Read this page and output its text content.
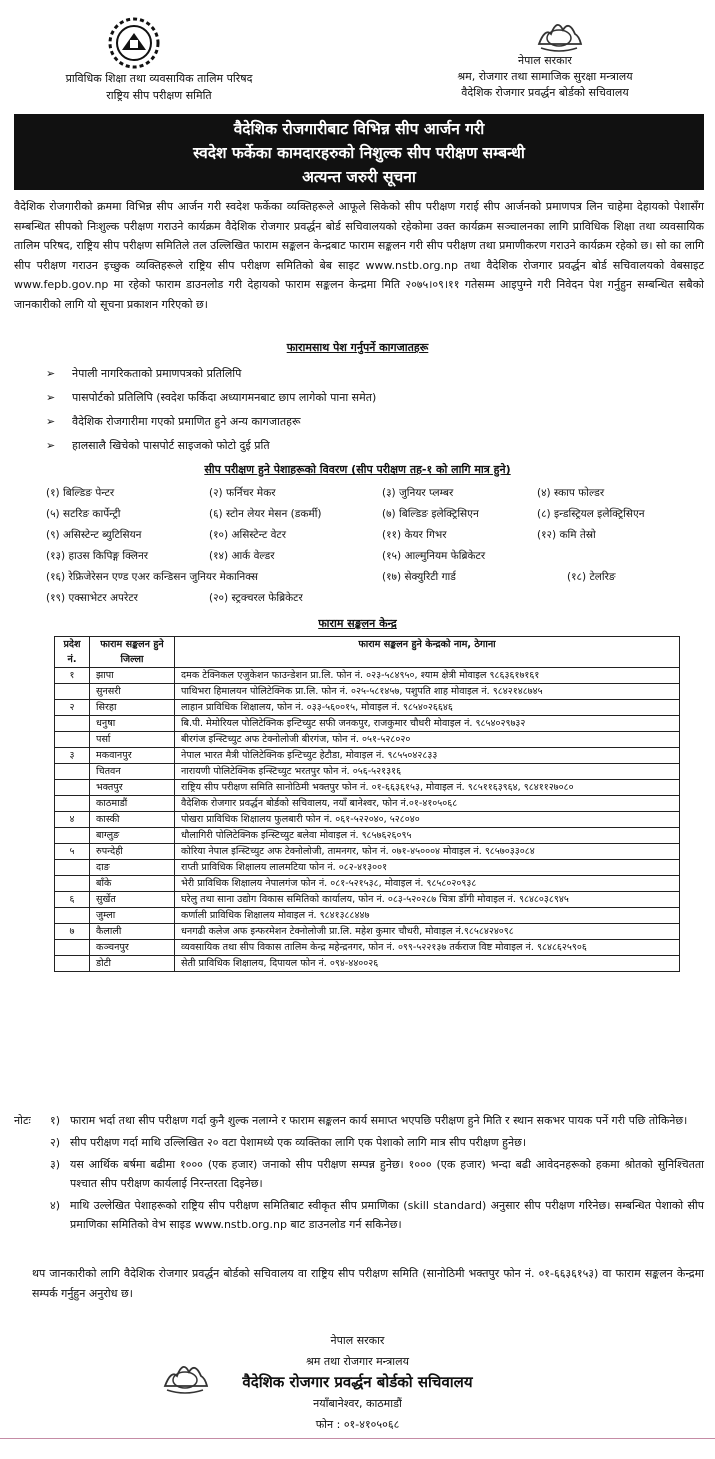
प्राविधिक शिक्षा तथा व्यवसायिक तालिम परिषद
राष्ट्रिय सीप परीक्षण समिति
नेपाल सरकार
श्रम, रोजगार तथा सामाजिक सुरक्षा मन्त्रालय
वैदेशिक रोजगार प्रवर्द्धन बोर्डको सचिवालय
वैदेशिक रोजगारीबाट विभिन्न सीप आर्जन गरी
स्वदेश फर्केका कामदारहरुको निशुल्क सीप परीक्षण सम्बन्धी
अत्यन्त जरुरी सूचना
वैदेशिक रोजगारीको क्रममा विभिन्न सीप आर्जन गरी स्वदेश फर्केका व्यक्तिहरूले आफूले सिकेको सीप परीक्षण गराई सीप आर्जनको प्रमाणपत्र लिन चाहेमा देहायको पेशासँग सम्बन्धित सीपको निःशुल्क परीक्षण गराउने कार्यक्रम वैदेशिक रोजगार प्रवर्द्धन बोर्ड सचिवालयको रहेकोमा उक्त कार्यक्रम सञ्चालनका लागि प्राविधिक शिक्षा तथा व्यवसायिक तालिम परिषद, राष्ट्रिय सीप परीक्षण समितिले तल उल्लिखित फाराम सङ्कलन केन्द्रबाट फाराम सङ्कलन गरी सीप परीक्षण तथा प्रमाणीकरण गराउने कार्यक्रम रहेको छ। सो का लागि सीप परीक्षण गराउन इच्छुक व्यक्तिहरूले राष्ट्रिय सीप परीक्षण समितिको बेब साइट www.nstb.org.np तथा वैदेशिक रोजगार प्रवर्द्धन बोर्ड सचिवालयको वेबसाइट www.fepb.gov.np मा रहेको फाराम डाउनलोड गरी देहायको फाराम सङ्कलन केन्द्रमा मिति २०७५।०९।११ गतेसम्म आइपुग्ने गरी निवेदन पेश गर्नुहुन सम्बन्धित सबैको जानकारीको लागि यो सूचना प्रकाशन गरिएको छ।
फारामसाथ पेश गर्नुपर्ने कागजातहरू
➢ नेपाली नागरिकताको प्रमाणपत्रको प्रतिलिपि
➢ पासपोर्टको प्रतिलिपि (स्वदेश फर्किदा अध्यागमनबाट छाप लागेको पाना समेत)
➢ वैदेशिक रोजगारीमा गएको प्रमाणित हुने अन्य कागजातहरू
➢ हालसालै खिचेको पासपोर्ट साइजको फोटो दुई प्रति
सीप परीक्षण हुने पेशाहरूको विवरण (सीप परीक्षण तह-१ को लागि मात्र हुने)
(१) बिल्डिङ पेन्टर	(२) फर्निचर मेकर	(३) जुनियर प्लम्बर	(४) स्काप फोल्डर
(५) सटरिङ कार्पेन्ट्री	(६) स्टोन लेयर मेसन (डकर्मी)	(७) बिल्डिङ इलेक्ट्रिसिएन	(८) इन्डस्ट्रियल इलेक्ट्रिसिएन
(९) असिस्टेन्ट ब्युटिसियन	(१०) असिस्टेन्ट वेटर	(११) केयर गिभर	(१२) कमि तेस्रो
(१३) हाउस किपिङ्ग क्लिनर	(१४) आर्क वेल्डर	(१५) आल्मुनियम फेब्रिकेटर
(१६) रेफ्रिजेरेसन एण्ड एअर कन्डिसन जुनियर मेकानिक्स	(१७) सेक्युरिटी गार्ड	(१८) टेलरिङ
(१९) एक्साभेटर अपरेटर	(२०) स्ट्रक्चरल फेब्रिकेटर
फाराम सङ्कलन केन्द्र
प्रदेश नं.	फाराम सङ्कलन हुने जिल्ला	फाराम सङ्कलन हुने केन्द्रको नाम, ठेगाना
१	झापा	दमक टेक्निकल एजुकेशन फाउन्डेशन प्रा.लि. फोन नं. ०२३-५८४९५०, श्याम क्षेत्री मोवाइल ९८६३६१७१६१
	सुनसरी	पाथिभरा हिमालयन पोलिटेक्निक प्रा.लि. फोन नं. ०२५-५८१४५७, पशुपति शाह मोवाइल नं. ९८४२१४८७४५
२	सिरहा	लाहान प्राविधिक शिक्षालय, फोन नं. ०३३-५६००१५, मोवाइल नं. ९८५४०२६६४६
	धनुषा	बि.पी. मेमोरियल पोलिटेक्निक इन्टिच्युट सफी जनकपुर, राजकुमार चौधरी मोवाइल नं. ९८५४०२९७३२
	पर्सा	बीरगंज इन्स्टिच्युट अफ टेक्नोलोजी बीरगंज, फोन नं. ०५१-५२८०२०
३	मकवानपुर	नेपाल भारत मैत्री पोलिटेक्निक इन्टिच्युट हेटौडा, मोवाइल नं. ९८५५०४२८३३
	चितवन	नारायणी पोलिटेक्निक इन्स्टिच्युट भरतपुर फोन नं. ०५६-५२१३१६
	भक्तपुर	राष्ट्रिय सीप परीक्षण समिति सानोठिमी भक्तपुर फोन नं. ०१-६६३६१५३, मोवाइल नं. ९८५११६३९६४, ९८४११२७०८०
	काठमाडौं	वैदेशिक रोजगार प्रवर्द्धन बोर्डको सचिवालय, नयाँ बानेश्वर, फोन नं.०१-४१०५०६८
४	कास्की	पोखरा प्राविधिक शिक्षालय फुलबारी फोन नं. ०६१-५२२०४०, ५२८०४०
	बाग्लुङ	धौलागिरी पोलिटेक्निक इन्स्टिच्युट बलेवा मोवाइल नं. ९८५७६२६०९५
५	रुपन्देही	कोरिया नेपाल इन्स्टिच्युट अफ टेक्नोलोजी, तामनगर, फोन नं. ०७१-४५०००४ मोवाइल नं. ९८५७०३३०८४
	दाङ	राप्ती प्राविधिक शिक्षालय लालमटिया फोन नं. ०८२-४१३००१
	बाँके	भेरी प्राविधिक शिक्षालय नेपालगंज फोन नं. ०८१-५२१५३८, मोवाइल नं. ९८५८०२०९३८
६	सुर्खेत	घरेलु तथा साना उद्योग विकास समितिको कार्यालय, फोन नं. ०८३-५२०२८७ चित्रा डाँगी मोवाइल नं. ९८४८०३८९४५
	जुम्ला	कर्णाली प्राविधिक शिक्षालय मोवाइल नं. ९८४१३८८४४७
७	कैलाली	धनगढी कलेज अफ इन्फरमेशन टेक्नोलोजी प्रा.लि. महेश कुमार चौधरी, मोवाइल नं.९८५८४२४०९८
	कञ्चनपुर	व्यवसायिक तथा सीप विकास तालिम केन्द्र महेन्द्रनगर, फोन नं. ०९९-५२२१३७ तर्कराज विष्ट मोवाइल नं. ९८४८६२५९०६
	डोटी	सेती प्राविधिक शिक्षालय, दिपायल फोन नं. ०९४-४४००२६
नोटः १) फाराम भर्दा तथा सीप परीक्षण गर्दा कुनै शुल्क नलाग्ने र फाराम सङ्कलन कार्य समाप्त भएपछि परीक्षण हुने मिति र स्थान सकभर पायक पर्ने गरी पछि तोकिनेछ।
२) सीप परीक्षण गर्दा माथि उल्लिखित २० वटा पेशामध्ये एक व्यक्तिका लागि एक पेशाको लागि मात्र सीप परीक्षण हुनेछ।
३) यस आर्थिक बर्षमा बढीमा १००० (एक हजार) जनाको सीप परीक्षण सम्पन्न हुनेछ। १००० (एक हजार) भन्दा बढी आवेदनहरूको हकमा श्रोतको सुनिश्चितता पश्चात सीप परीक्षण कार्यलाई निरन्तरता दिइनेछ।
४) माथि उल्लेखित पेशाहरूको राष्ट्रिय सीप परीक्षण समितिबाट स्वीकृत सीप प्रमाणिका (skill standard) अनुसार सीप परीक्षण गरिनेछ। सम्बन्धित पेशाको सीप प्रमाणिका समितिको वेभ साइड www.nstb.org.np बाट डाउनलोड गर्न सकिनेछ।
थप जानकारीको लागि वैदेशिक रोजगार प्रवर्द्धन बोर्डको सचिवालय वा राष्ट्रिय सीप परीक्षण समिति (सानोठिमी भक्तपुर फोन नं. ०१-६६३६१५३) वा फाराम सङ्कलन केन्द्रमा सम्पर्क गर्नुहुन अनुरोध छ।
नेपाल सरकार
श्रम तथा रोजगार मन्त्रालय
वैदेशिक रोजगार प्रवर्द्धन बोर्डको सचिवालय
नयाँबानेश्वर, काठमाडौं
फोन : ०१-४१०५०६८
